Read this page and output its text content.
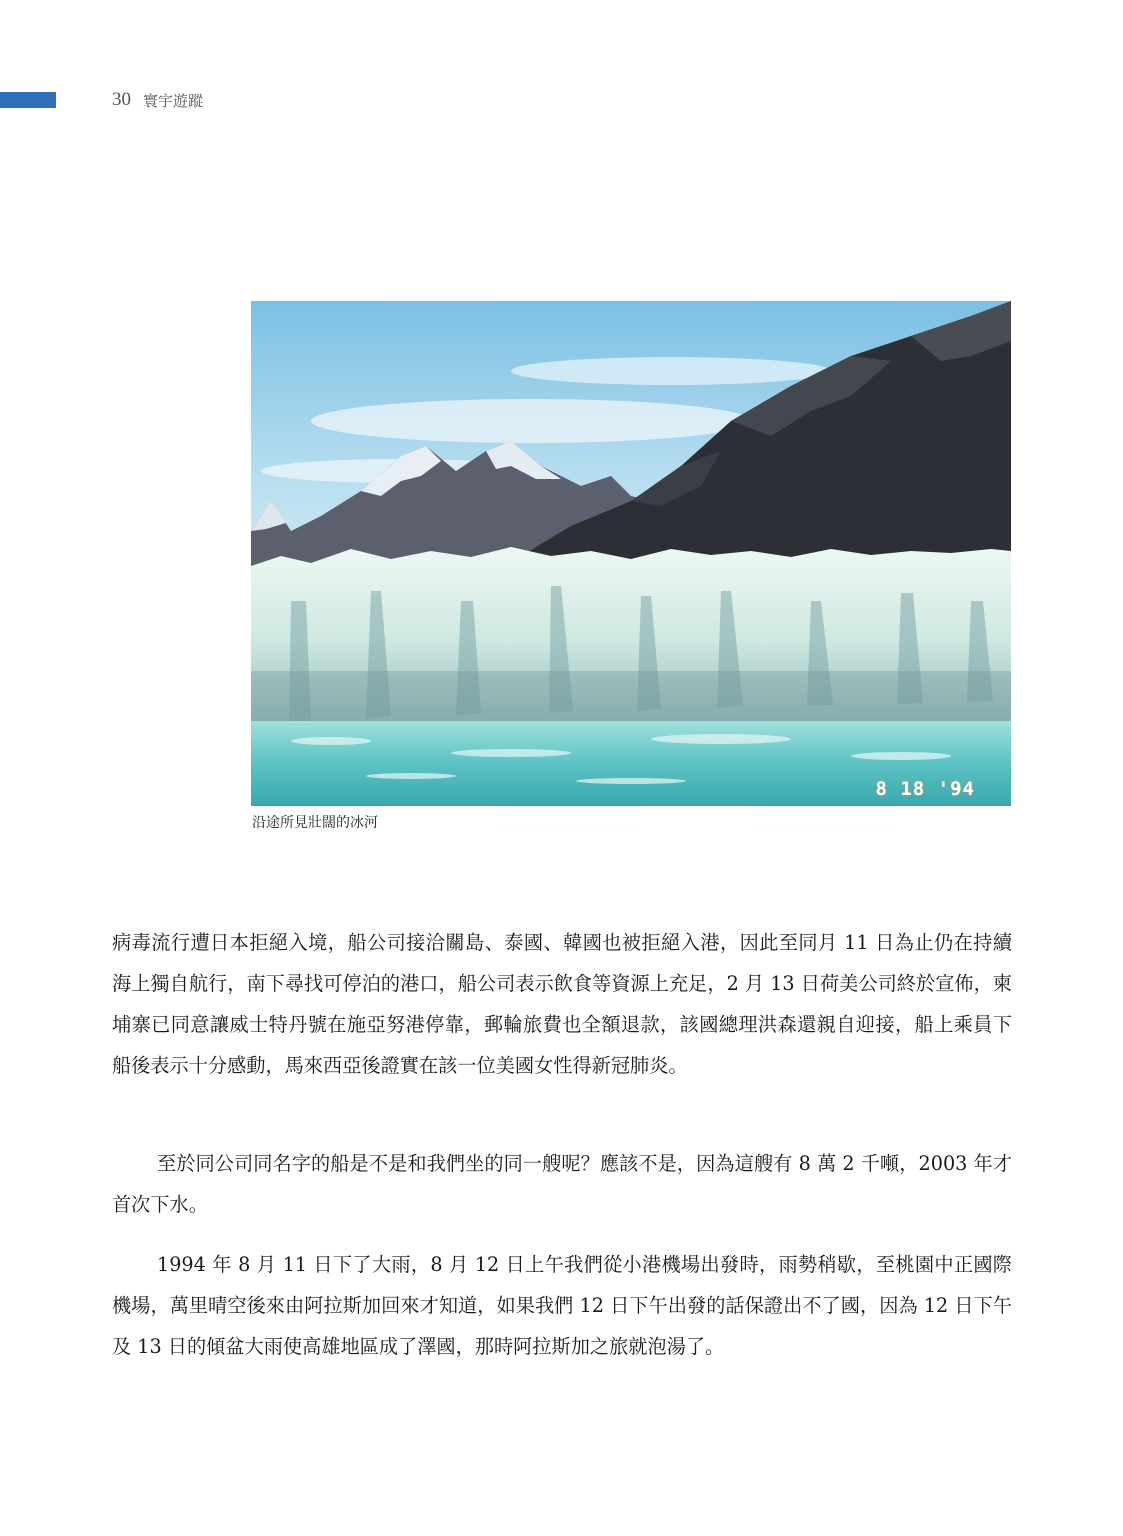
30 寰宇遊蹤
8 18 '94
沿途所見壯闊的冰河

病毒流行遭日本拒絕入境，船公司接洽關島、泰國、韓國也被拒絕入港，因此至同月 11 日為止仍在持續海上獨自航行，南下尋找可停泊的港口，船公司表示飲食等資源上充足，2 月 13 日荷美公司終於宣佈，柬埔寨已同意讓威士特丹號在施亞努港停靠，郵輪旅費也全額退款，該國總理洪森還親自迎接，船上乘員下船後表示十分感動，馬來西亞後證實在該一位美國女性得新冠肺炎。

至於同公司同名字的船是不是和我們坐的同一艘呢？應該不是，因為這艘有 8 萬 2 千噸，2003 年才首次下水。

1994 年 8 月 11 日下了大雨，8 月 12 日上午我們從小港機場出發時，雨勢稍歇，至桃園中正國際機場，萬里晴空後來由阿拉斯加回來才知道，如果我們 12 日下午出發的話保證出不了國，因為 12 日下午及 13 日的傾盆大雨使高雄地區成了澤國，那時阿拉斯加之旅就泡湯了。
